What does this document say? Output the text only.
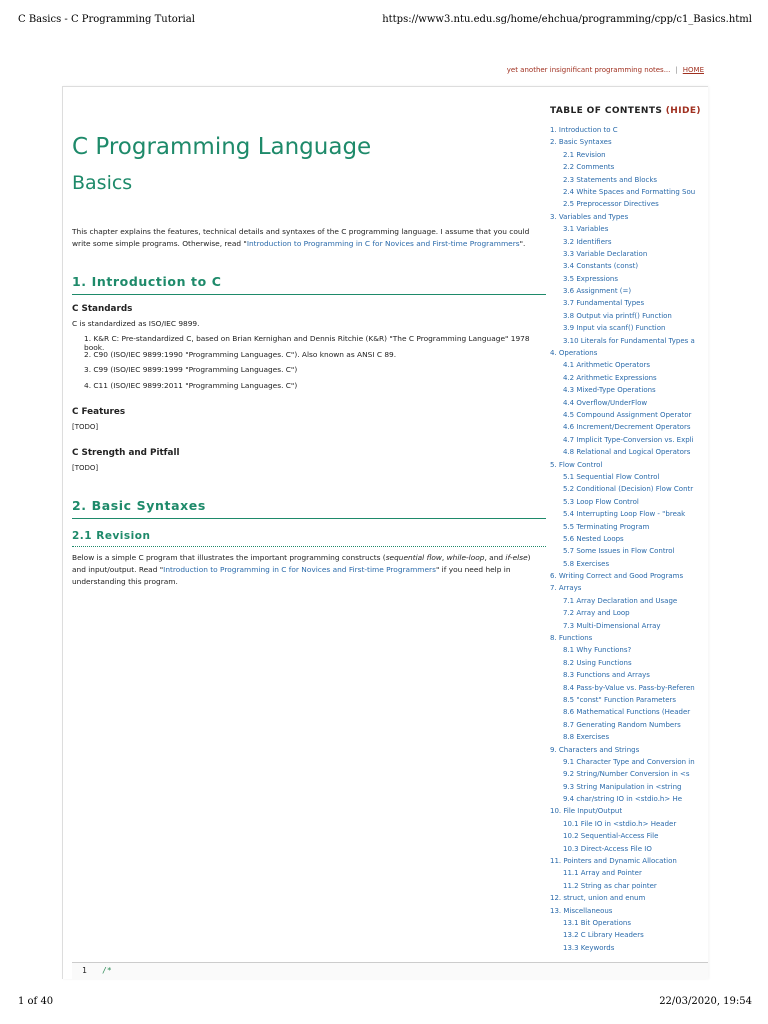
C Basics - C Programming Tutorial	https://www3.ntu.edu.sg/home/ehchua/programming/cpp/c1_Basics.html
yet another insignificant programming notes... | HOME
C Programming Language
Basics

This chapter explains the features, technical details and syntaxes of the C programming language. I assume that you could write some simple programs. Otherwise, read "Introduction to Programming in C for Novices and First-time Programmers".

1. Introduction to C
C Standards
C is standardized as ISO/IEC 9899.
1. K&R C: Pre-standardized C, based on Brian Kernighan and Dennis Ritchie (K&R) "The C Programming Language" 1978 book.
2. C90 (ISO/IEC 9899:1990 "Programming Languages. C"). Also known as ANSI C 89.
3. C99 (ISO/IEC 9899:1999 "Programming Languages. C")
4. C11 (ISO/IEC 9899:2011 "Programming Languages. C")
C Features
[TODO]
C Strength and Pitfall
[TODO]
2. Basic Syntaxes
2.1 Revision

Below is a simple C program that illustrates the important programming constructs (sequential flow, while-loop, and if-else) and input/output. Read "Introduction to Programming in C for Novices and First-time Programmers" if you need help in understanding this program.

TABLE OF CONTENTS (HIDE)
1. Introduction to C
2. Basic Syntaxes
2.1 Revision
2.2 Comments
2.3 Statements and Blocks
2.4 White Spaces and Formatting Sou
2.5 Preprocessor Directives
3. Variables and Types
3.1 Variables
3.2 Identifiers
3.3 Variable Declaration
3.4 Constants (const)
3.5 Expressions
3.6 Assignment (=)
3.7 Fundamental Types
3.8 Output via printf() Function
3.9 Input via scanf() Function
3.10 Literals for Fundamental Types a
4. Operations
4.1 Arithmetic Operators
4.2 Arithmetic Expressions
4.3 Mixed-Type Operations
4.4 Overflow/UnderFlow
4.5 Compound Assignment Operator
4.6 Increment/Decrement Operators
4.7 Implicit Type-Conversion vs. Expli
4.8 Relational and Logical Operators
5. Flow Control
5.1 Sequential Flow Control
5.2 Conditional (Decision) Flow Contr
5.3 Loop Flow Control
5.4 Interrupting Loop Flow - "break
5.5 Terminating Program
5.6 Nested Loops
5.7 Some Issues in Flow Control
5.8 Exercises
6. Writing Correct and Good Programs
7. Arrays
7.1 Array Declaration and Usage
7.2 Array and Loop
7.3 Multi-Dimensional Array
8. Functions
8.1 Why Functions?
8.2 Using Functions
8.3 Functions and Arrays
8.4 Pass-by-Value vs. Pass-by-Referen
8.5 "const" Function Parameters
8.6 Mathematical Functions (Header
8.7 Generating Random Numbers
8.8 Exercises
9. Characters and Strings
9.1 Character Type and Conversion in
9.2 String/Number Conversion in <s
9.3 String Manipulation in <string
9.4 char/string IO in <stdio.h> He
10. File Input/Output
10.1 File IO in <stdio.h> Header
10.2 Sequential-Access File
10.3 Direct-Access File IO
11. Pointers and Dynamic Allocation
11.1 Array and Pointer
11.2 String as char pointer
12. struct, union and enum
13. Miscellaneous
13.1 Bit Operations
13.2 C Library Headers
13.3 Keywords
1 /*
1 of 40	22/03/2020, 19:54
